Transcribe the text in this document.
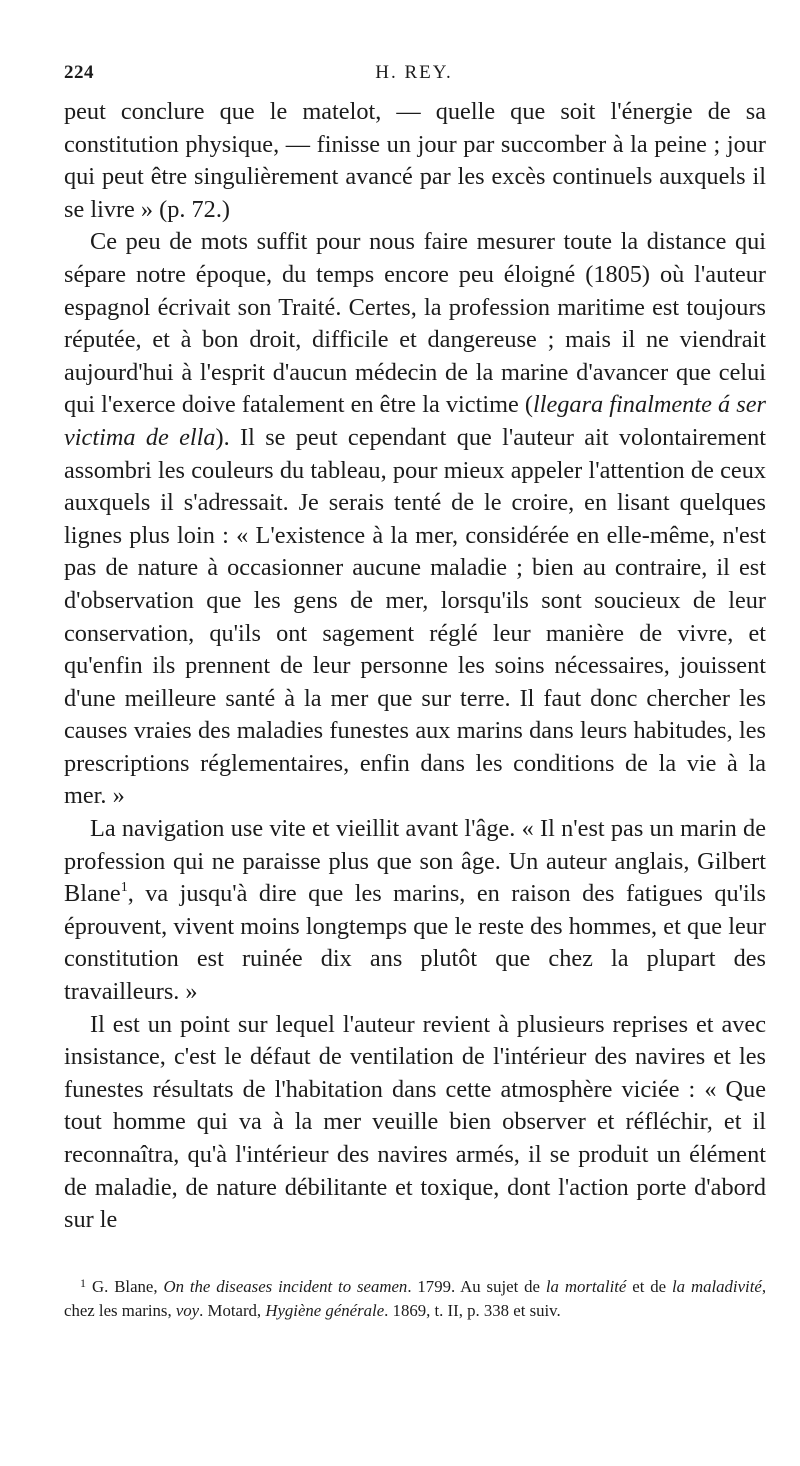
224	H. REY.

peut conclure que le matelot, — quelle que soit l'énergie de sa constitution physique, — finisse un jour par succomber à la peine ; jour qui peut être singulièrement avancé par les excès continuels auxquels il se livre » (p. 72.)

Ce peu de mots suffit pour nous faire mesurer toute la distance qui sépare notre époque, du temps encore peu éloigné (1805) où l'auteur espagnol écrivait son Traité. Certes, la profession maritime est toujours réputée, et à bon droit, difficile et dangereuse ; mais il ne viendrait aujourd'hui à l'esprit d'aucun médecin de la marine d'avancer que celui qui l'exerce doive fatalement en être la victime (llegara finalmente á ser victima de ella). Il se peut cependant que l'auteur ait volontairement assombri les couleurs du tableau, pour mieux appeler l'attention de ceux auxquels il s'adressait. Je serais tenté de le croire, en lisant quelques lignes plus loin : « L'existence à la mer, considérée en elle-même, n'est pas de nature à occasionner aucune maladie ; bien au contraire, il est d'observation que les gens de mer, lorsqu'ils sont soucieux de leur conservation, qu'ils ont sagement réglé leur manière de vivre, et qu'enfin ils prennent de leur personne les soins nécessaires, jouissent d'une meilleure santé à la mer que sur terre. Il faut donc chercher les causes vraies des maladies funestes aux marins dans leurs habitudes, les prescriptions réglementaires, enfin dans les conditions de la vie à la mer. »

La navigation use vite et vieillit avant l'âge. « Il n'est pas un marin de profession qui ne paraisse plus que son âge. Un auteur anglais, Gilbert Blane$^1$, va jusqu'à dire que les marins, en raison des fatigues qu'ils éprouvent, vivent moins longtemps que le reste des hommes, et que leur constitution est ruinée dix ans plutôt que chez la plupart des travailleurs. »

Il est un point sur lequel l'auteur revient à plusieurs reprises et avec insistance, c'est le défaut de ventilation de l'intérieur des navires et les funestes résultats de l'habitation dans cette atmosphère viciée : « Que tout homme qui va à la mer veuille bien observer et réfléchir, et il reconnaîtra, qu'à l'intérieur des navires armés, il se produit un élément de maladie, de nature débilitante et toxique, dont l'action porte d'abord sur le

$^1$ G. Blane, On the diseases incident to seamen. 1799. Au sujet de la mortalité et de la maladivité, chez les marins, voy. Motard, Hygiène générale. 1869, t. II, p. 338 et suiv.
